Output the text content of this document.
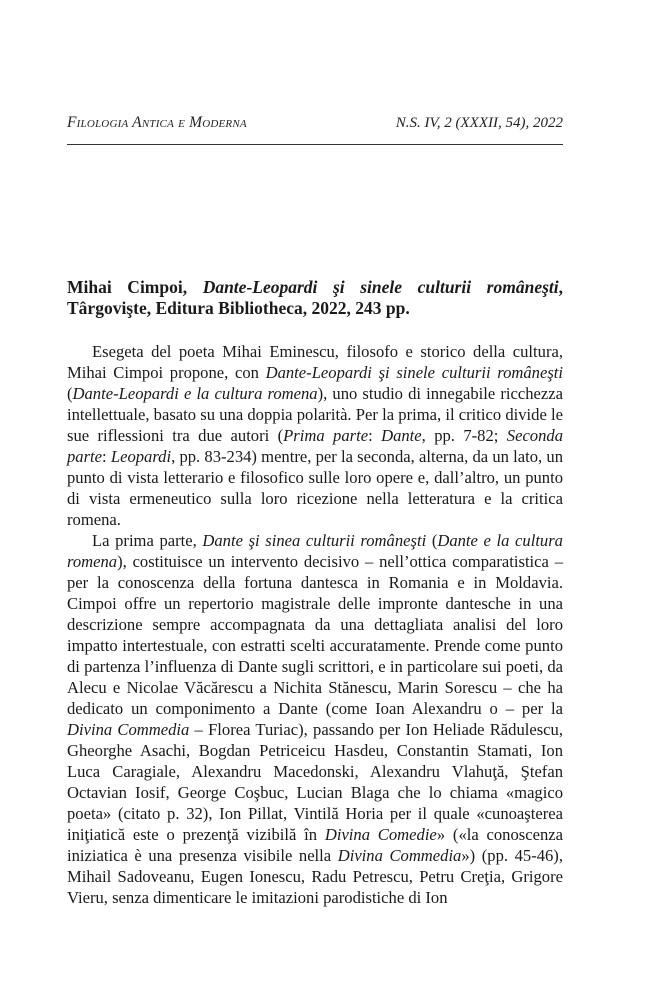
Filologia Antica e Moderna	N.S. IV, 2 (XXXII, 54), 2022
Mihai Cimpoi, Dante-Leopardi şi sinele culturii româneşti, Târgovişte, Editura Bibliotheca, 2022, 243 pp.

Esegeta del poeta Mihai Eminescu, filosofo e storico della cultura, Mihai Cimpoi propone, con Dante-Leopardi şi sinele culturii româneşti (Dante-Leopardi e la cultura romena), uno studio di innegabile ricchezza intellettuale, basato su una doppia polarità. Per la prima, il critico divide le sue riflessioni tra due autori (Prima parte: Dante, pp. 7-82; Seconda parte: Leopardi, pp. 83-234) mentre, per la seconda, alterna, da un lato, un punto di vista letterario e filosofico sulle loro opere e, dall’altro, un punto di vista ermeneutico sulla loro ricezione nella letteratura e la critica romena.

La prima parte, Dante şi sinea culturii româneşti (Dante e la cultura romena), costituisce un intervento decisivo – nell’ottica comparatistica – per la conoscenza della fortuna dantesca in Romania e in Moldavia. Cimpoi offre un repertorio magistrale delle impronte dantesche in una descrizione sempre accompagnata da una dettagliata analisi del loro impatto intertestuale, con estratti scelti accuratamente. Prende come punto di partenza l’influenza di Dante sugli scrittori, e in particolare sui poeti, da Alecu e Nicolae Văcărescu a Nichita Stănescu, Marin Sorescu – che ha dedicato un componimento a Dante (come Ioan Alexandru o – per la Divina Commedia – Florea Turiac), passando per Ion Heliade Rădulescu, Gheorghe Asachi, Bogdan Petriceicu Hasdeu, Constantin Stamati, Ion Luca Caragiale, Alexandru Macedonski, Alexandru Vlahuţă, Ştefan Octavian Iosif, George Coşbuc, Lucian Blaga che lo chiama «magico poeta» (citato p. 32), Ion Pillat, Vintilă Horia per il quale «cunoaşterea iniţiatică este o prezenţă vizibilă în Divina Comedie» («la conoscenza iniziatica è una presenza visibile nella Divina Commedia») (pp. 45-46), Mihail Sadoveanu, Eugen Ionescu, Radu Petrescu, Petru Creţia, Grigore Vieru, senza dimenticare le imitazioni parodistiche di Ion
